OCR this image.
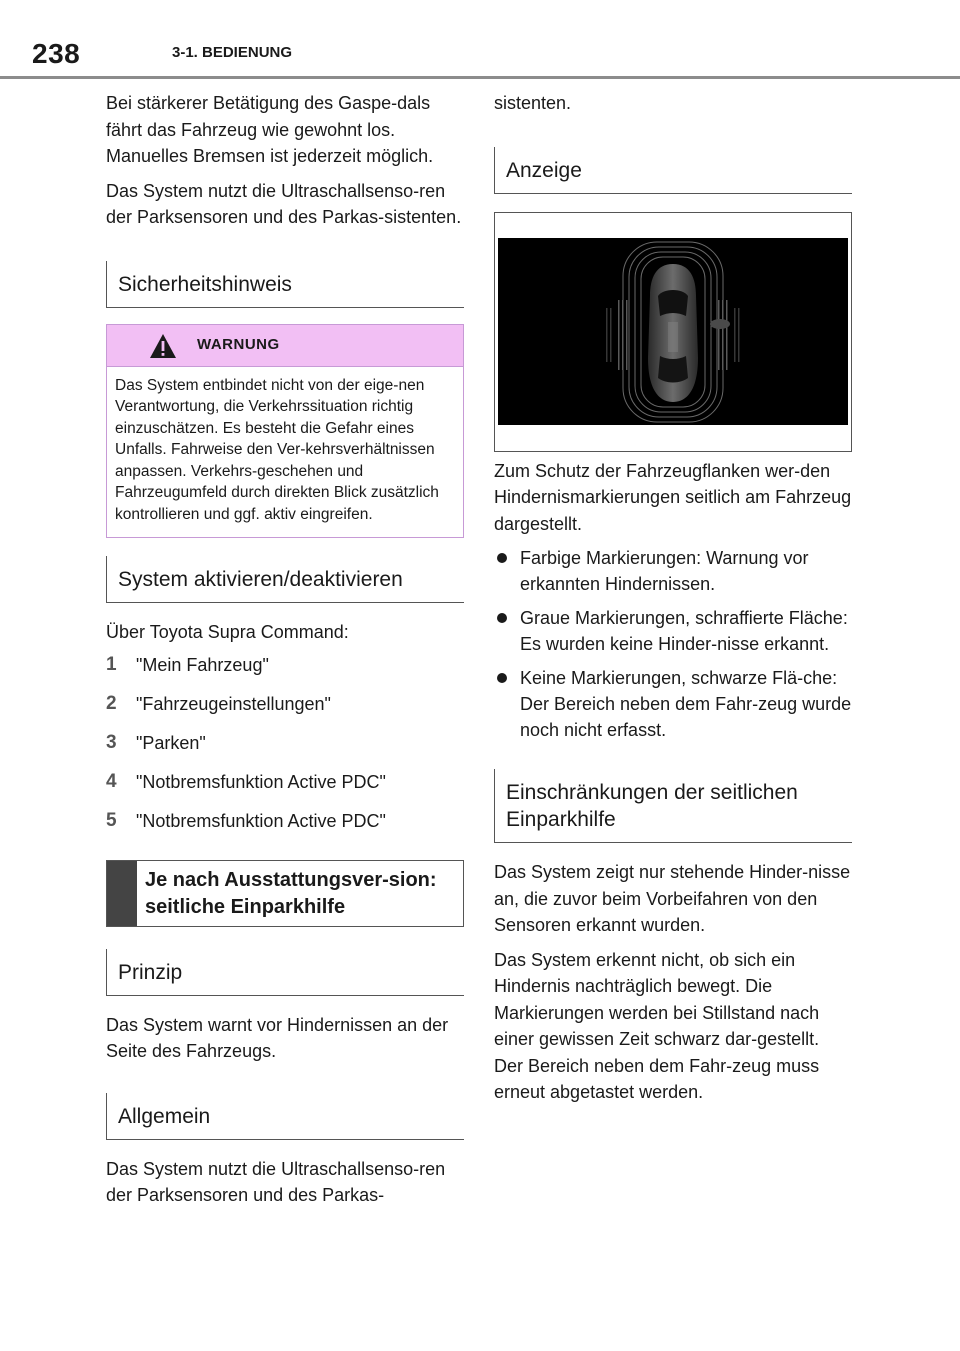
238	3-1. BEDIENUNG

Bei stärkerer Betätigung des Gaspe-dals fährt das Fahrzeug wie gewohnt los. Manuelles Bremsen ist jederzeit möglich.

Das System nutzt die Ultraschallsenso-ren der Parksensoren und des Parkas-sistenten.

Sicherheitshinweis
WARNUNG
Das System entbindet nicht von der eige-nen Verantwortung, die Verkehrssituation richtig einzuschätzen. Es besteht die Gefahr eines Unfalls. Fahrweise den Ver-kehrsverhältnissen anpassen. Verkehrs-geschehen und Fahrzeugumfeld durch direkten Blick zusätzlich kontrollieren und ggf. aktiv eingreifen.
System aktivieren/deaktivieren

Über Toyota Supra Command:

1	"Mein Fahrzeug"
2	"Fahrzeugeinstellungen"
3	"Parken"
4	"Notbremsfunktion Active PDC"
5	"Notbremsfunktion Active PDC"
Je nach Ausstattungsver-sion: seitliche Einparkhilfe
Prinzip

Das System warnt vor Hindernissen an der Seite des Fahrzeugs.

Allgemein

Das System nutzt die Ultraschallsenso-ren der Parksensoren und des Parkas-

sistenten.

Anzeige

Zum Schutz der Fahrzeugflanken wer-den Hindernismarkierungen seitlich am Fahrzeug dargestellt.

Farbige Markierungen: Warnung vor erkannten Hindernissen.
Graue Markierungen, schraffierte Fläche: Es wurden keine Hinder-nisse erkannt.
Keine Markierungen, schwarze Flä-che: Der Bereich neben dem Fahr-zeug wurde noch nicht erfasst.
Einschränkungen der seitlichen Einparkhilfe

Das System zeigt nur stehende Hinder-nisse an, die zuvor beim Vorbeifahren von den Sensoren erkannt wurden.

Das System erkennt nicht, ob sich ein Hindernis nachträglich bewegt. Die Markierungen werden bei Stillstand nach einer gewissen Zeit schwarz dar-gestellt. Der Bereich neben dem Fahr-zeug muss erneut abgetastet werden.
